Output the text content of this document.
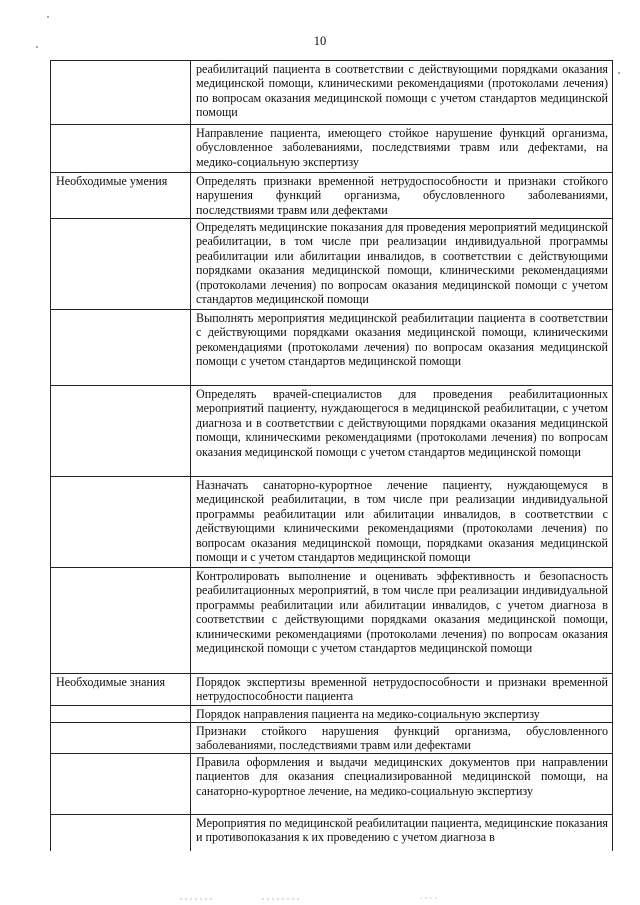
10
	реабилитаций пациента в соответствии с действующими порядками оказания медицинской помощи, клиническими рекомендациями (протоколами лечения) по вопросам оказания медицинской помощи с учетом стандартов медицинской помощи

	Направление пациента, имеющего стойкое нарушение функций организма, обусловленное заболеваниями, последствиями травм или дефектами, на медико-социальную экспертизу

Необходимые умения	Определять признаки временной нетрудоспособности и признаки стойкого нарушения функций организма, обусловленного заболеваниями, последствиями травм или дефектами

	Определять медицинские показания для проведения мероприятий медицинской реабилитации, в том числе при реализации индивидуальной программы реабилитации или абилитации инвалидов, в соответствии с действующими порядками оказания медицинской помощи, клиническими рекомендациями (протоколами лечения) по вопросам оказания медицинской помощи с учетом стандартов медицинской помощи

	Выполнять мероприятия медицинской реабилитации пациента в соответствии с действующими порядками оказания медицинской помощи, клиническими рекомендациями (протоколами лечения) по вопросам оказания медицинской помощи с учетом стандартов медицинской помощи

	Определять врачей-специалистов для проведения реабилитационных мероприятий пациенту, нуждающегося в медицинской реабилитации, с учетом диагноза и в соответствии с действующими порядками оказания медицинской помощи, клиническими рекомендациями (протоколами лечения) по вопросам оказания медицинской помощи с учетом стандартов медицинской помощи

	Назначать санаторно-курортное лечение пациенту, нуждающемуся в медицинской реабилитации, в том числе при реализации индивидуальной программы реабилитации или абилитации инвалидов, в соответствии с действующими клиническими рекомендациями (протоколами лечения) по вопросам оказания медицинской помощи, порядками оказания медицинской помощи и с учетом стандартов медицинской помощи

	Контролировать выполнение и оценивать эффективность и безопасность реабилитационных мероприятий, в том числе при реализации индивидуальной программы реабилитации или абилитации инвалидов, с учетом диагноза в соответствии с действующими порядками оказания медицинской помощи, клиническими рекомендациями (протоколами лечения) по вопросам оказания медицинской помощи с учетом стандартов медицинской помощи

Необходимые знания	Порядок экспертизы временной нетрудоспособности и признаки временной нетрудоспособности пациента

	Порядок направления пациента на медико-социальную экспертизу

	Признаки стойкого нарушения функций организма, обусловленного заболеваниями, последствиями травм или дефектами

	Правила оформления и выдачи медицинских документов при направлении пациентов для оказания специализированной медицинской помощи, на санаторно-курортное лечение, на медико-социальную экспертизу

	Мероприятия по медицинской реабилитации пациента, медицинские показания и противопоказания к их проведению с учетом диагноза в
